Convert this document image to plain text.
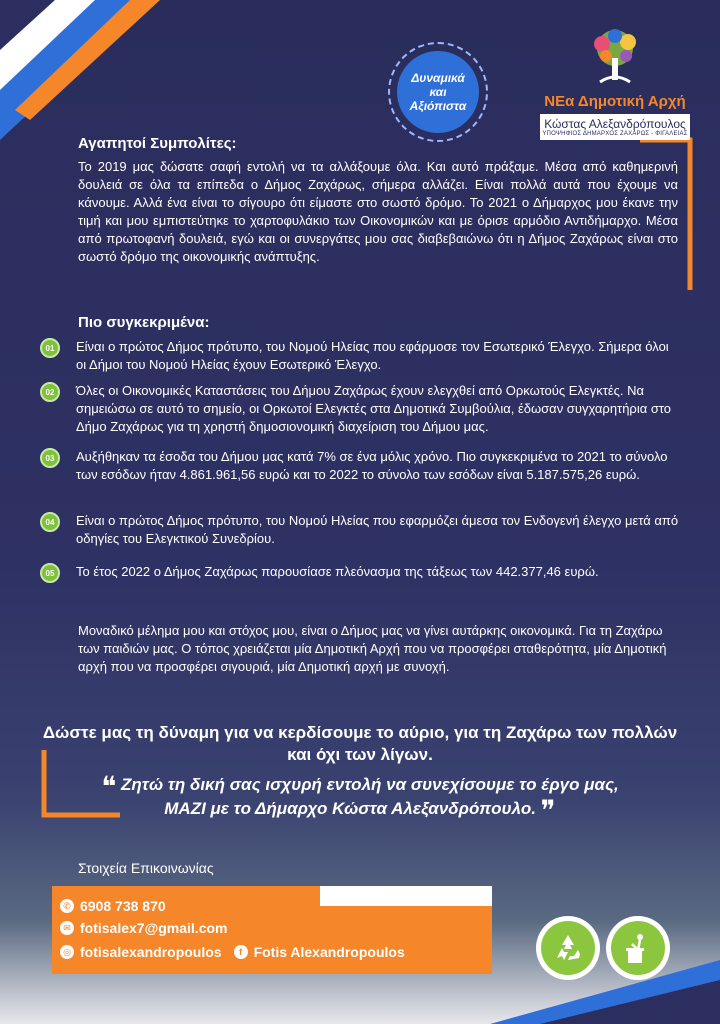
Δυναμικά
και
Αξιόπιστα	ΝΕα Δημοτική Αρχή
Κώστας Αλεξανδρόπουλος
ΥΠΟΨΗΦΙΟΣ ΔΗΜΑΡΧΟΣ ΖΑΧΑΡΩΣ - ΦΙΓΑΛΕΙΑΣ
Αγαπητοί Συμπολίτες:

Το 2019 μας δώσατε σαφή εντολή να τα αλλάξουμε όλα. Και αυτό πράξαμε. Μέσα από καθημερινή δουλειά σε όλα τα επίπεδα ο Δήμος Ζαχάρως, σήμερα αλλάζει. Είναι πολλά αυτά που έχουμε να κάνουμε. Αλλά ένα είναι το σίγουρο ότι είμαστε στο σωστό δρόμο. Το 2021 ο Δήμαρχος μου έκανε την τιμή και μου εμπιστεύτηκε το χαρτοφυλάκιο των Οικονομικών και με όρισε αρμόδιο Αντιδήμαρχο. Μέσα από πρωτοφανή δουλειά, εγώ και οι συνεργάτες μου σας διαβεβαιώνω ότι η Δήμος Ζαχάρως είναι στο σωστό δρόμο της οικονομικής ανάπτυξης.

Πιο συγκεκριμένα:
01	Είναι ο πρώτος Δήμος πρότυπο, του Νομού Ηλείας που εφάρμοσε τον Εσωτερικό Έλεγχο. Σήμερα όλοι οι Δήμοι του Νομού Ηλείας έχουν Εσωτερικό Έλεγχο.

02	Όλες οι Οικονομικές Καταστάσεις του Δήμου Ζαχάρως έχουν ελεγχθεί από Ορκωτούς Ελεγκτές. Να σημειώσω σε αυτό το σημείο, οι Ορκωτοί Ελεγκτές στα Δημοτικά Συμβούλια, έδωσαν συγχαρητήρια στο Δήμο Ζαχάρως για τη χρηστή δημοσιονομική διαχείριση του Δήμου μας.

03	Αυξήθηκαν τα έσοδα του Δήμου μας κατά 7% σε ένα μόλις χρόνο. Πιο συγκεκριμένα το 2021 το σύνολο των εσόδων ήταν 4.861.961,56 ευρώ και το 2022 το σύνολο των εσόδων είναι 5.187.575,26 ευρώ.

04	Είναι ο πρώτος Δήμος πρότυπο, του Νομού Ηλείας που εφαρμόζει άμεσα τον Ενδογενή έλεγχο μετά από οδηγίες του Ελεγκτικού Συνεδρίου.

05	Το έτος 2022 ο Δήμος Ζαχάρως παρουσίασε πλεόνασμα της τάξεως των 442.377,46 ευρώ.

Μοναδικό μέλημα μου και στόχος μου, είναι ο Δήμος μας να γίνει αυτάρκης οικονομικά. Για τη Ζαχάρω των παιδιών μας. Ο τόπος χρειάζεται μία Δημοτική Αρχή που να προσφέρει σταθερότητα, μία Δημοτική αρχή που να προσφέρει σιγουριά, μία Δημοτική αρχή με συνοχή.

Δώστε μας τη δύναμη για να κερδίσουμε το αύριο, για τη Ζαχάρω των πολλών και όχι των λίγων.
❝ Ζητώ τη δική σας ισχυρή εντολή να συνεχίσουμε το έργο μας,
ΜΑΖΙ με το Δήμαρχο Κώστα Αλεξανδρόπουλο. ❞
Στοιχεία Επικοινωνίας
✆ 6908 738 870
✉ fotisalex7@gmail.com
◎ fotisalexandropoulos	f Fotis Alexandropoulos
